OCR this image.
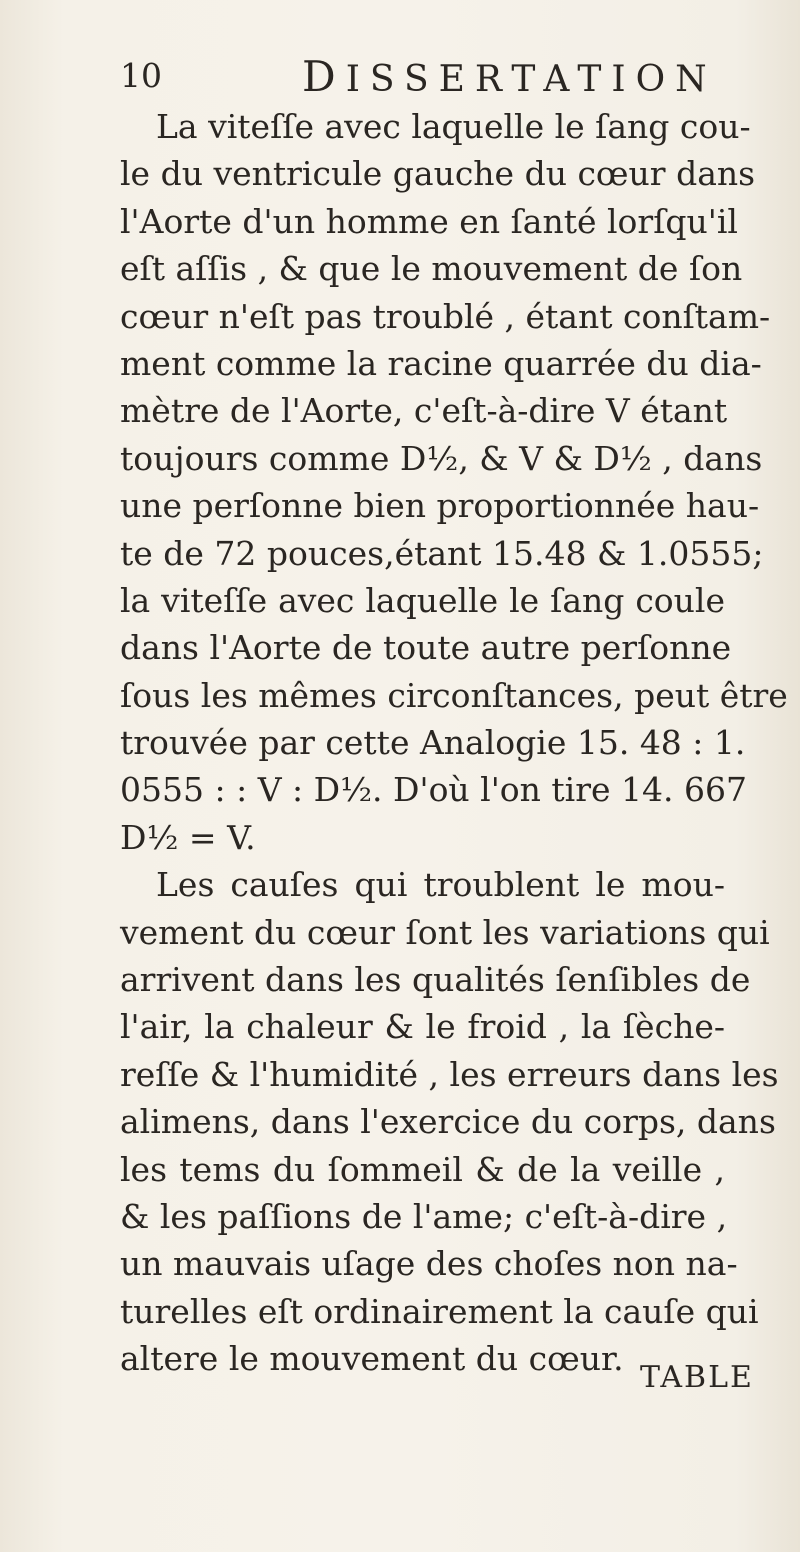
10	DISSERTATION
La viteſſe avec laquelle le ſang cou-
le du ventricule gauche du cœur dans
l'Aorte d'un homme en ſanté lorſqu'il
eſt aſſis , & que le mouvement de ſon
cœur n'eſt pas troublé , étant conſtam-
ment comme la racine quarrée du dia-
mètre de l'Aorte, c'eſt-à-dire V étant
toujours comme D½, & V & D½ , dans
une perſonne bien proportionnée hau-
te de 72 pouces,étant 15.48 & 1.0555;
la viteſſe avec laquelle le ſang coule
dans l'Aorte de toute autre perſonne
ſous les mêmes circonſtances, peut être
trouvée par cette Analogie 15. 48 : 1.
0555 : : V : D½. D'où l'on tire 14. 667
D½ = V.
Les cauſes qui troublent le mou-
vement du cœur ſont les variations qui
arrivent dans les qualités ſenſibles de
l'air, la chaleur & le froid , la ſèche-
reſſe & l'humidité , les erreurs dans les
alimens, dans l'exercice du corps, dans
les tems du ſommeil & de la veille ,
& les paſſions de l'ame; c'eſt-à-dire ,
un mauvais uſage des choſes non na-
turelles eſt ordinairement la cauſe qui
altere le mouvement du cœur. TABLE
